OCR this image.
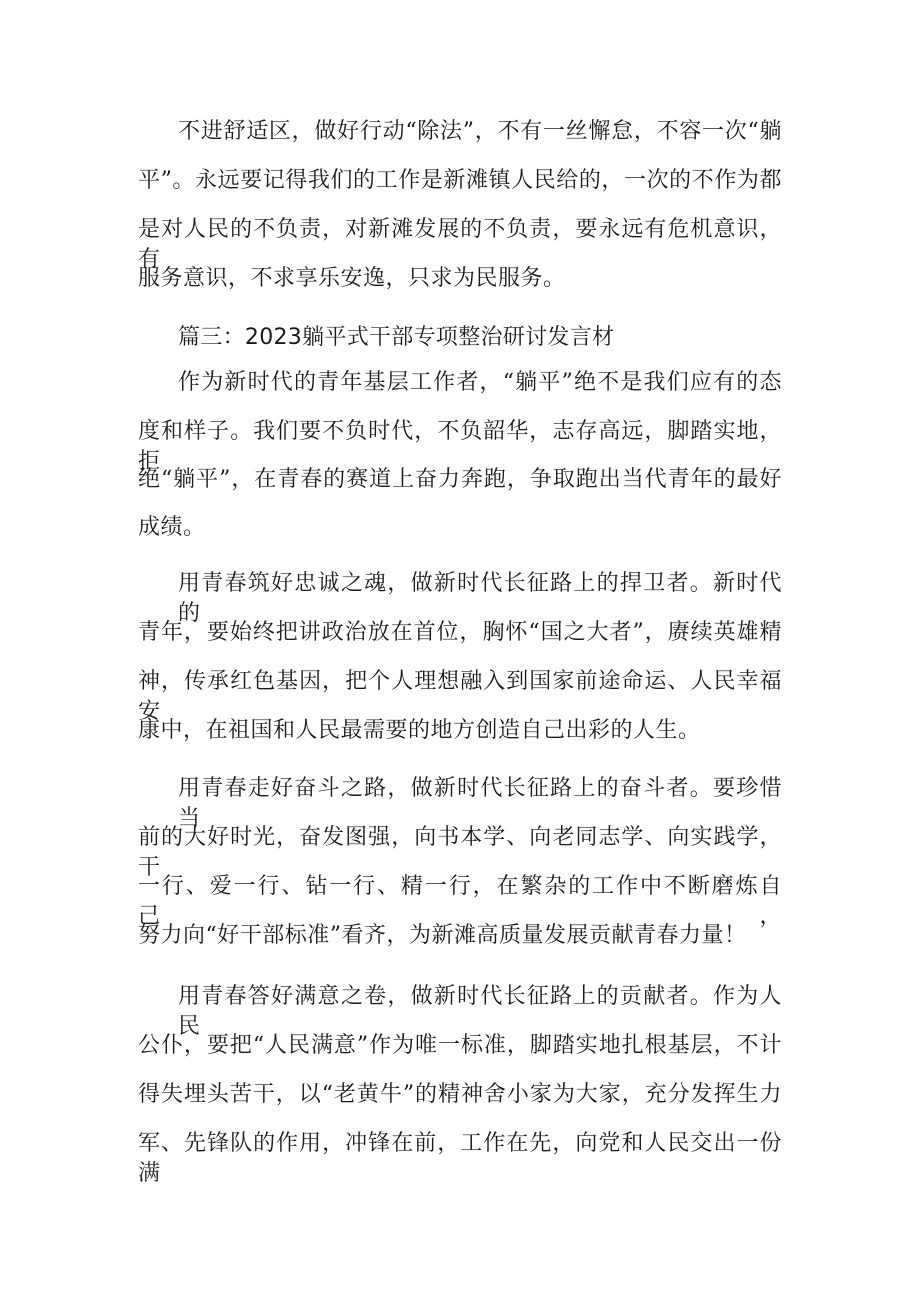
不进舒适区，做好行动“除法”，不有一丝懈怠，不容一次“躺
平”。永远要记得我们的工作是新滩镇人民给的，一次的不作为都
是对人民的不负责，对新滩发展的不负责，要永远有危机意识，有
服务意识，不求享乐安逸，只求为民服务。
篇三：2023躺平式干部专项整治研讨发言材
作为新时代的青年基层工作者，“躺平”绝不是我们应有的态
度和样子。我们要不负时代，不负韶华，志存高远，脚踏实地，拒
绝“躺平”，在青春的赛道上奋力奔跑，争取跑出当代青年的最好
成绩。
用青春筑好忠诚之魂，做新时代长征路上的捍卫者。新时代的
青年，要始终把讲政治放在首位，胸怀“国之大者”，赓续英雄精
神，传承红色基因，把个人理想融入到国家前途命运、人民幸福安
康中，在祖国和人民最需要的地方创造自己出彩的人生。
用青春走好奋斗之路，做新时代长征路上的奋斗者。要珍惜当
前的大好时光，奋发图强，向书本学、向老同志学、向实践学，干
一行、爱一行、钻一行、精一行，在繁杂的工作中不断磨炼自己，
努力向“好干部标准”看齐，为新滩高质量发展贡献青春力量！
用青春答好满意之卷，做新时代长征路上的贡献者。作为人民
公仆，要把“人民满意”作为唯一标准，脚踏实地扎根基层，不计
得失埋头苦干，以“老黄牛”的精神舍小家为大家，充分发挥生力
军、先锋队的作用，冲锋在前，工作在先，向党和人民交出一份满
